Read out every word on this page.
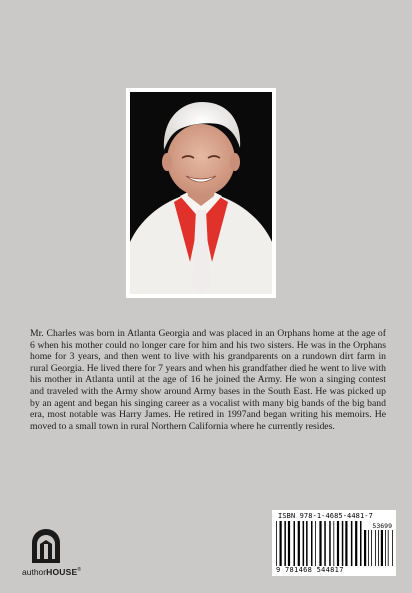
Mr. Charles was born in Atlanta Georgia and was placed in an Orphans home at the age of 6 when his mother could no longer care for him and his two sisters. He was in the Orphans home for 3 years, and then went to live with his grandparents on a rundown dirt farm in rural Georgia. He lived there for 7 years and when his grandfather died he went to live with his mother in Atlanta until at the age of 16 he joined the Army. He won a singing contest and traveled with the Army show around Army bases in the South East. He was picked up by an agent and began his singing career as a vocalist with many big bands of the big band era, most notable was Harry James. He retired in 1997and began writing his memoirs. He moved to a small town in rural Northern California where he currently resides.

authorHOUSE®
ISBN 978-1-4685-4481-7
53699
9 781468 544817
